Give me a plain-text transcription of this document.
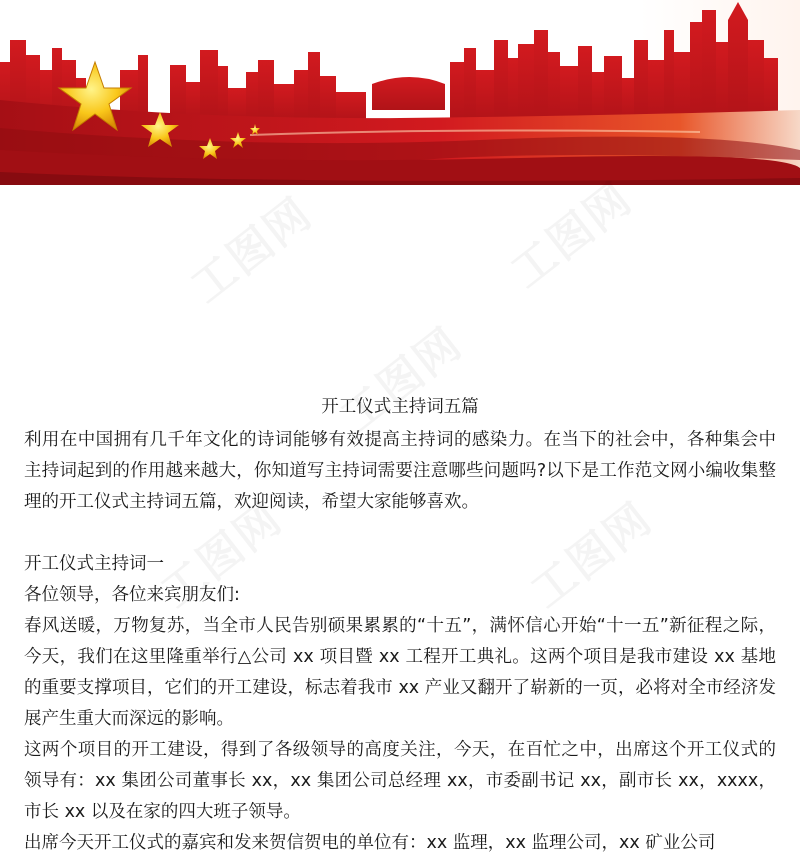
开工仪式主持词五篇

利用在中国拥有几千年文化的诗词能够有效提高主持词的感染力。在当下的社会中，各种集会中主持词起到的作用越来越大，你知道写主持词需要注意哪些问题吗?以下是工作范文网小编收集整理的开工仪式主持词五篇，欢迎阅读，希望大家能够喜欢。

开工仪式主持词一

各位领导，各位来宾朋友们:

春风送暖，万物复苏，当全市人民告别硕果累累的“十五”，满怀信心开始“十一五”新征程之际，今天，我们在这里隆重举行△公司 xx 项目暨 xx 工程开工典礼。这两个项目是我市建设 xx 基地的重要支撑项目，它们的开工建设，标志着我市 xx 产业又翻开了崭新的一页，必将对全市经济发展产生重大而深远的影响。

这两个项目的开工建设，得到了各级领导的高度关注，今天，在百忙之中，出席这个开工仪式的领导有：xx 集团公司董事长 xx，xx 集团公司总经理 xx，市委副书记 xx，副市长 xx，xxxx，市长 xx 以及在家的四大班子领导。

出席今天开工仪式的嘉宾和发来贺信贺电的单位有：xx 监理，xx 监理公司，xx 矿业公司
